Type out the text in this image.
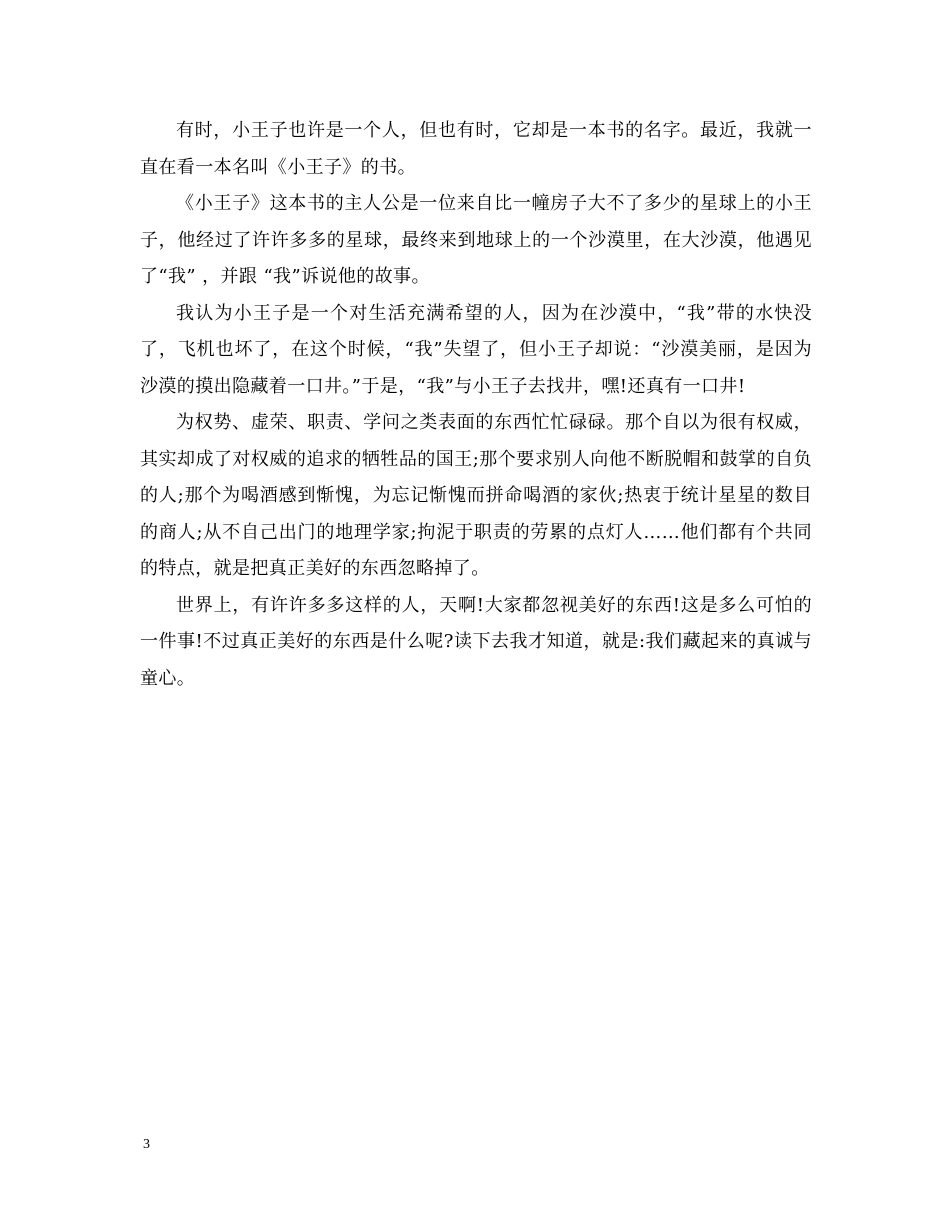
有时，小王子也许是一个人，但也有时，它却是一本书的名字。最近，我就一直在看一本名叫《小王子》的书。

《小王子》这本书的主人公是一位来自比一幢房子大不了多少的星球上的小王子，他经过了许许多多的星球，最终来到地球上的一个沙漠里，在大沙漠，他遇见了“我” ，并跟 “我”诉说他的故事。

我认为小王子是一个对生活充满希望的人，因为在沙漠中，“我”带的水快没了，飞机也坏了，在这个时候，“我”失望了，但小王子却说：“沙漠美丽，是因为沙漠的摸出隐藏着一口井。”于是，“我”与小王子去找井，嘿!还真有一口井!

为权势、虚荣、职责、学问之类表面的东西忙忙碌碌。那个自以为很有权威，其实却成了对权威的追求的牺牲品的国王;那个要求别人向他不断脱帽和鼓掌的自负的人;那个为喝酒感到惭愧，为忘记惭愧而拼命喝酒的家伙;热衷于统计星星的数目的商人;从不自己出门的地理学家;拘泥于职责的劳累的点灯人……他们都有个共同的特点，就是把真正美好的东西忽略掉了。

世界上，有许许多多这样的人，天啊!大家都忽视美好的东西!这是多么可怕的一件事!不过真正美好的东西是什么呢?读下去我才知道，就是:我们藏起来的真诚与童心。

3
